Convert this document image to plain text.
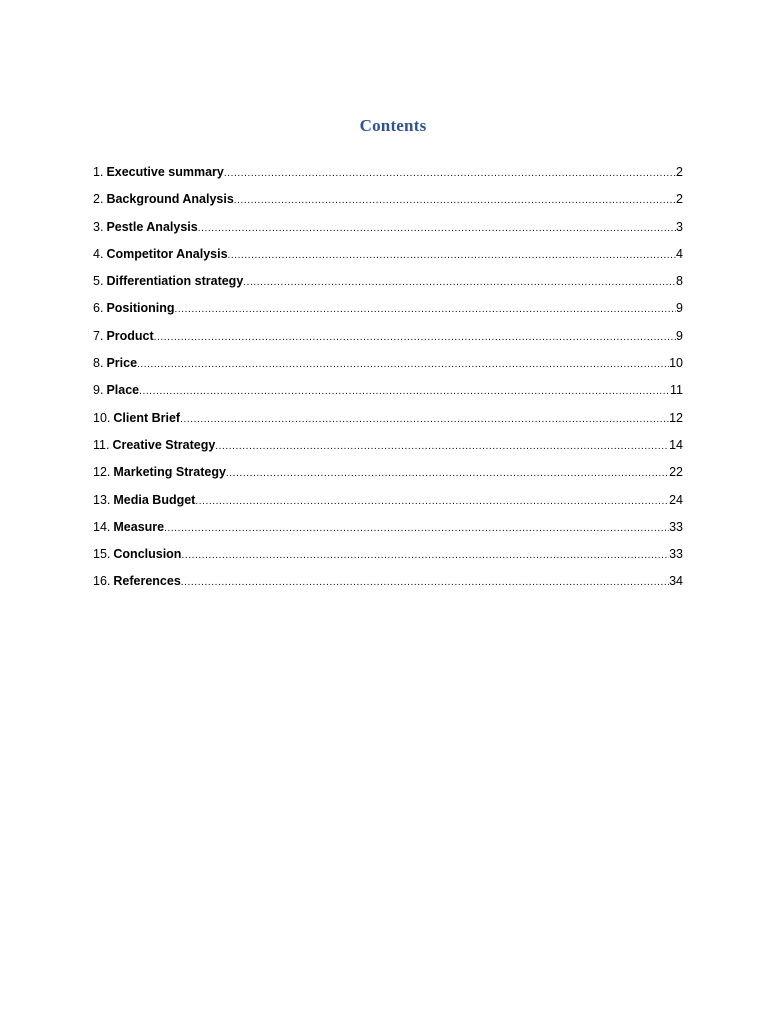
Contents
1. Executive summary .....	2
2. Background Analysis .....	2
3. Pestle Analysis .....	3
4. Competitor Analysis .....	4
5. Differentiation strategy .....	8
6. Positioning .....	9
7. Product .....	9
8. Price .....	10
9. Place .....	11
10. Client Brief .....	12
11. Creative Strategy .....	14
12. Marketing Strategy .....	22
13. Media Budget .....	24
14. Measure .....	33
15. Conclusion .....	33
16. References .....	34
